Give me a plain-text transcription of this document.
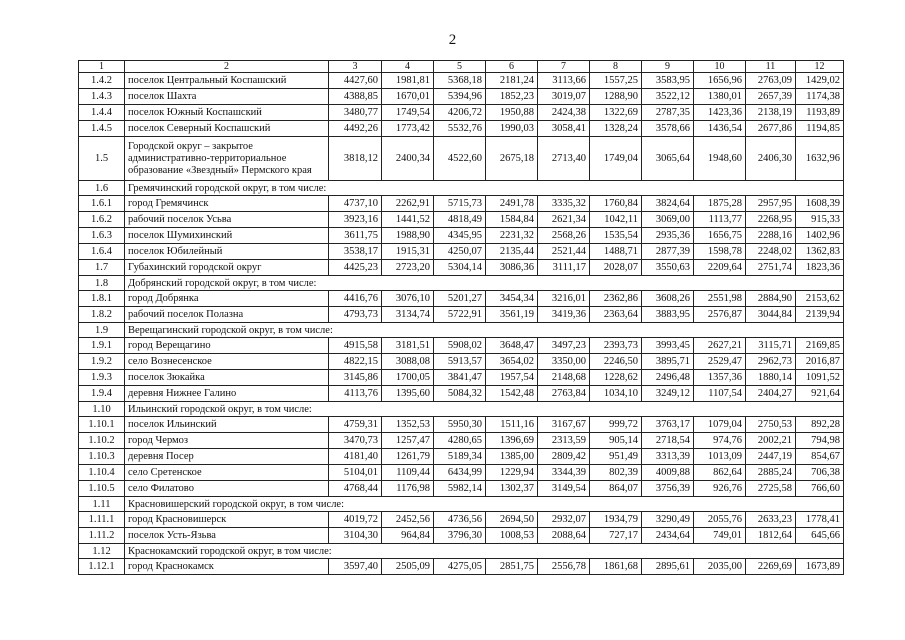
2
1	2	3	4	5	6	7	8	9	10	11	12
1.4.2	поселок Центральный Коспашский	4427,60	1981,81	5368,18	2181,24	3113,66	1557,25	3583,95	1656,96	2763,09	1429,02
1.4.3	поселок Шахта	4388,85	1670,01	5394,96	1852,23	3019,07	1288,90	3522,12	1380,01	2657,39	1174,38
1.4.4	поселок Южный Коспашский	3480,77	1749,54	4206,72	1950,88	2424,38	1322,69	2787,35	1423,36	2138,19	1193,89
1.4.5	поселок Северный Коспашский	4492,26	1773,42	5532,76	1990,03	3058,41	1328,24	3578,66	1436,54	2677,86	1194,85
1.5	Городской округ – закрытое административно-территориальное образование «Звездный» Пермского края	3818,12	2400,34	4522,60	2675,18	2713,40	1749,04	3065,64	1948,60	2406,30	1632,96
1.6	Гремячинский городской округ, в том числе:										
1.6.1	город Гремячинск	4737,10	2262,91	5715,73	2491,78	3335,32	1760,84	3824,64	1875,28	2957,95	1608,39
1.6.2	рабочий поселок Усьва	3923,16	1441,52	4818,49	1584,84	2621,34	1042,11	3069,00	1113,77	2268,95	915,33
1.6.3	поселок Шумихинский	3611,75	1988,90	4345,95	2231,32	2568,26	1535,54	2935,36	1656,75	2288,16	1402,96
1.6.4	поселок Юбилейный	3538,17	1915,31	4250,07	2135,44	2521,44	1488,71	2877,39	1598,78	2248,02	1362,83
1.7	Губахинский городской округ	4425,23	2723,20	5304,14	3086,36	3111,17	2028,07	3550,63	2209,64	2751,74	1823,36
1.8	Добрянский городской округ, в том числе:										
1.8.1	город Добрянка	4416,76	3076,10	5201,27	3454,34	3216,01	2362,86	3608,26	2551,98	2884,90	2153,62
1.8.2	рабочий поселок Полазна	4793,73	3134,74	5722,91	3561,19	3419,36	2363,64	3883,95	2576,87	3044,84	2139,94
1.9	Верещагинский городской округ, в том числе:										
1.9.1	город Верещагино	4915,58	3181,51	5908,02	3648,47	3497,23	2393,73	3993,45	2627,21	3115,71	2169,85
1.9.2	село Вознесенское	4822,15	3088,08	5913,57	3654,02	3350,00	2246,50	3895,71	2529,47	2962,73	2016,87
1.9.3	поселок Зюкайка	3145,86	1700,05	3841,47	1957,54	2148,68	1228,62	2496,48	1357,36	1880,14	1091,52
1.9.4	деревня Нижнее Галино	4113,76	1395,60	5084,32	1542,48	2763,84	1034,10	3249,12	1107,54	2404,27	921,64
1.10	Ильинский городской округ, в том числе:										
1.10.1	поселок Ильинский	4759,31	1352,53	5950,30	1511,16	3167,67	999,72	3763,17	1079,04	2750,53	892,28
1.10.2	город Чермоз	3470,73	1257,47	4280,65	1396,69	2313,59	905,14	2718,54	974,76	2002,21	794,98
1.10.3	деревня Посер	4181,40	1261,79	5189,34	1385,00	2809,42	951,49	3313,39	1013,09	2447,19	854,67
1.10.4	село Сретенское	5104,01	1109,44	6434,99	1229,94	3344,39	802,39	4009,88	862,64	2885,24	706,38
1.10.5	село Филатово	4768,44	1176,98	5982,14	1302,37	3149,54	864,07	3756,39	926,76	2725,58	766,60
1.11	Красновишерский городской округ, в том числе:										
1.11.1	город Красновишерск	4019,72	2452,56	4736,56	2694,50	2932,07	1934,79	3290,49	2055,76	2633,23	1778,41
1.11.2	поселок Усть-Язьва	3104,30	964,84	3796,30	1008,53	2088,64	727,17	2434,64	749,01	1812,64	645,66
1.12	Краснокамский городской округ, в том числе:										
1.12.1	город Краснокамск	3597,40	2505,09	4275,05	2851,75	2556,78	1861,68	2895,61	2035,00	2269,69	1673,89
